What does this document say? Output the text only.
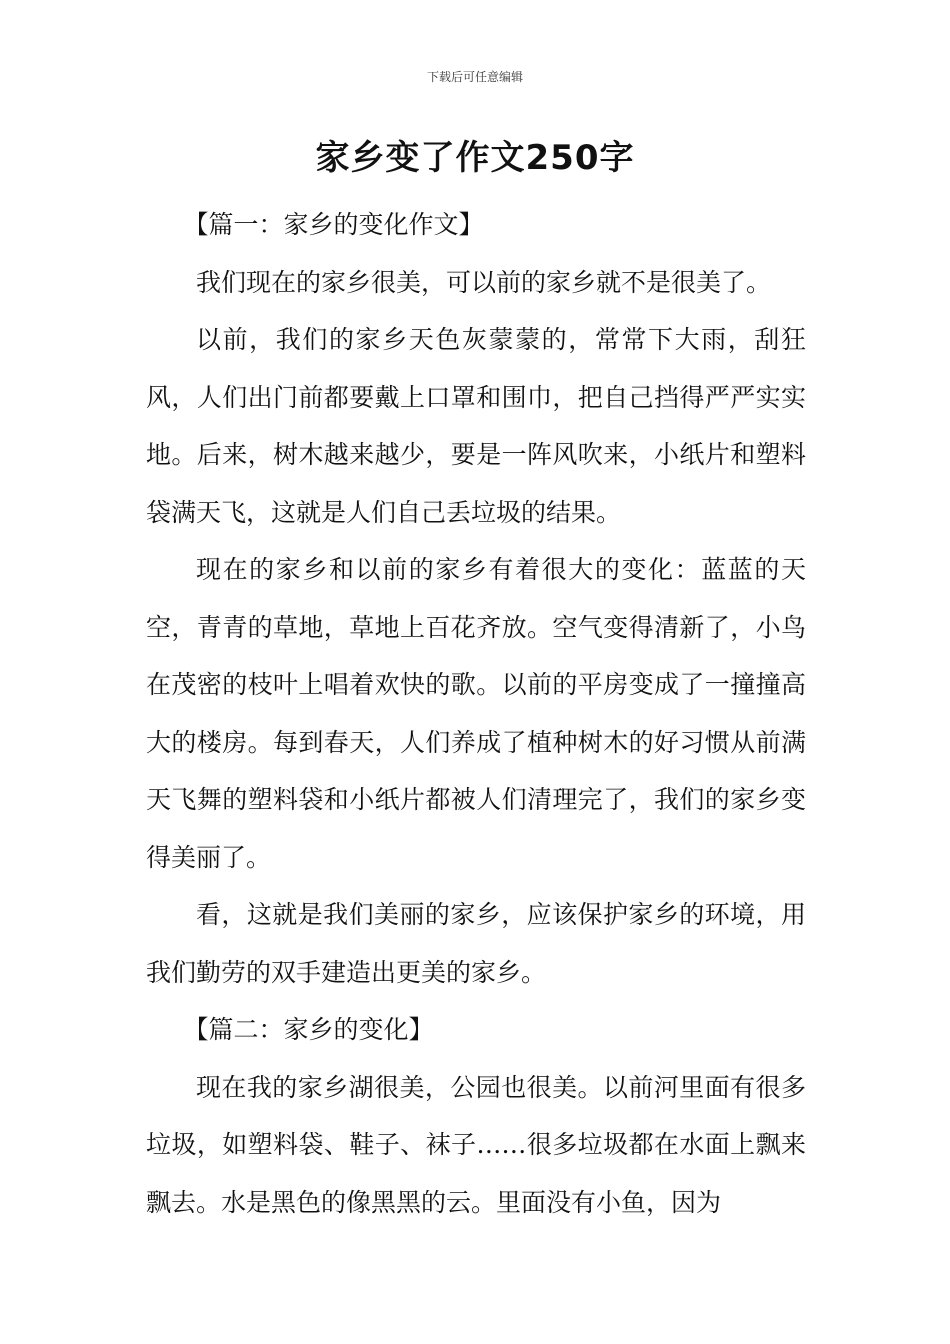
下载后可任意编辑
家乡变了作文250字

【篇一：家乡的变化作文】

我们现在的家乡很美，可以前的家乡就不是很美了。

以前，我们的家乡天色灰蒙蒙的，常常下大雨，刮狂风，人们出门前都要戴上口罩和围巾，把自己挡得严严实实地。后来，树木越来越少，要是一阵风吹来，小纸片和塑料袋满天飞，这就是人们自己丢垃圾的结果。

现在的家乡和以前的家乡有着很大的变化：蓝蓝的天空，青青的草地，草地上百花齐放。空气变得清新了，小鸟在茂密的枝叶上唱着欢快的歌。以前的平房变成了一撞撞高大的楼房。每到春天，人们养成了植种树木的好习惯从前满天飞舞的塑料袋和小纸片都被人们清理完了，我们的家乡变得美丽了。

看，这就是我们美丽的家乡，应该保护家乡的环境，用我们勤劳的双手建造出更美的家乡。

【篇二：家乡的变化】

现在我的家乡湖很美，公园也很美。以前河里面有很多垃圾，如塑料袋、鞋子、袜子……很多垃圾都在水面上飘来飘去。水是黑色的像黑黑的云。里面没有小鱼，因为
